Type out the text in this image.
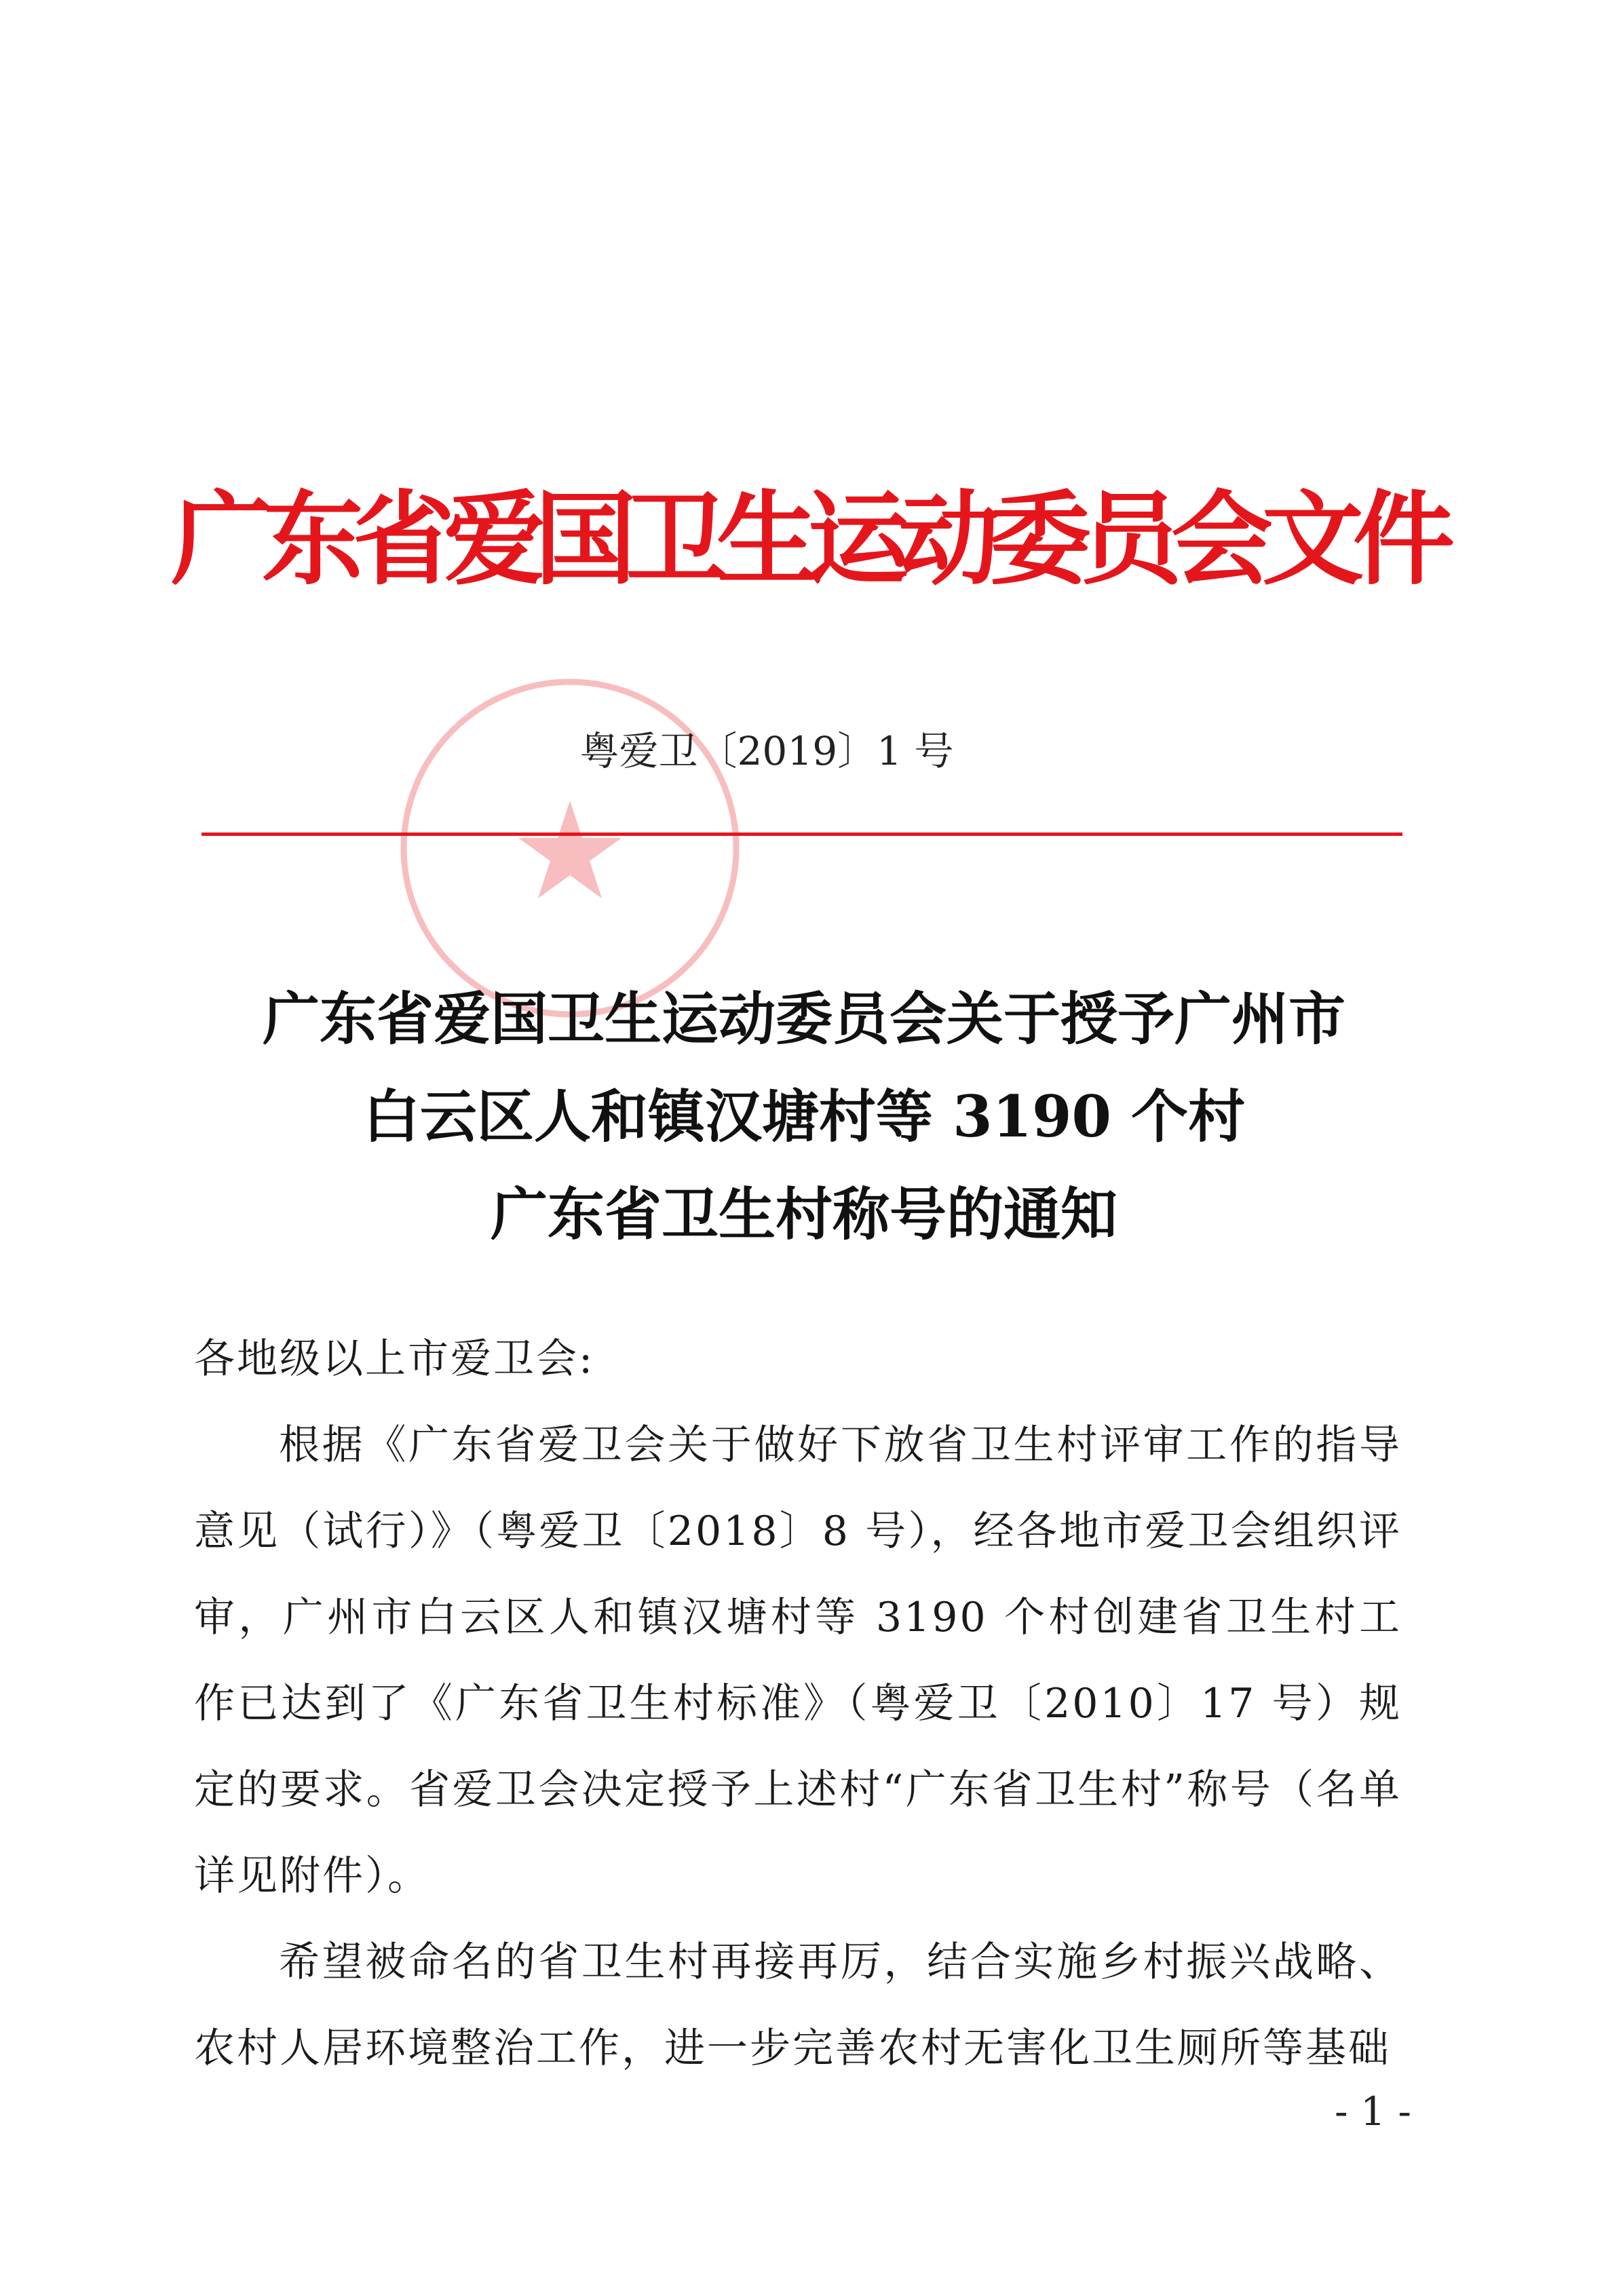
广东省爱国卫生运动委员会文件
粤爱卫〔2019〕1 号
广东省爱国卫生运动委员会关于授予广州市
白云区人和镇汉塘村等 3190 个村
广东省卫生村称号的通知

各地级以上市爱卫会:

根据《广东省爱卫会关于做好下放省卫生村评审工作的指导意见（试行）》（粤爱卫〔2018〕8 号），经各地市爱卫会组织评审，广州市白云区人和镇汉塘村等 3190 个村创建省卫生村工作已达到了《广东省卫生村标准》（粤爱卫〔2010〕17 号）规定的要求。省爱卫会决定授予上述村“广东省卫生村”称号（名单详见附件）。

希望被命名的省卫生村再接再厉，结合实施乡村振兴战略、农村人居环境整治工作，进一步完善农村无害化卫生厕所等基础

- 1 -
